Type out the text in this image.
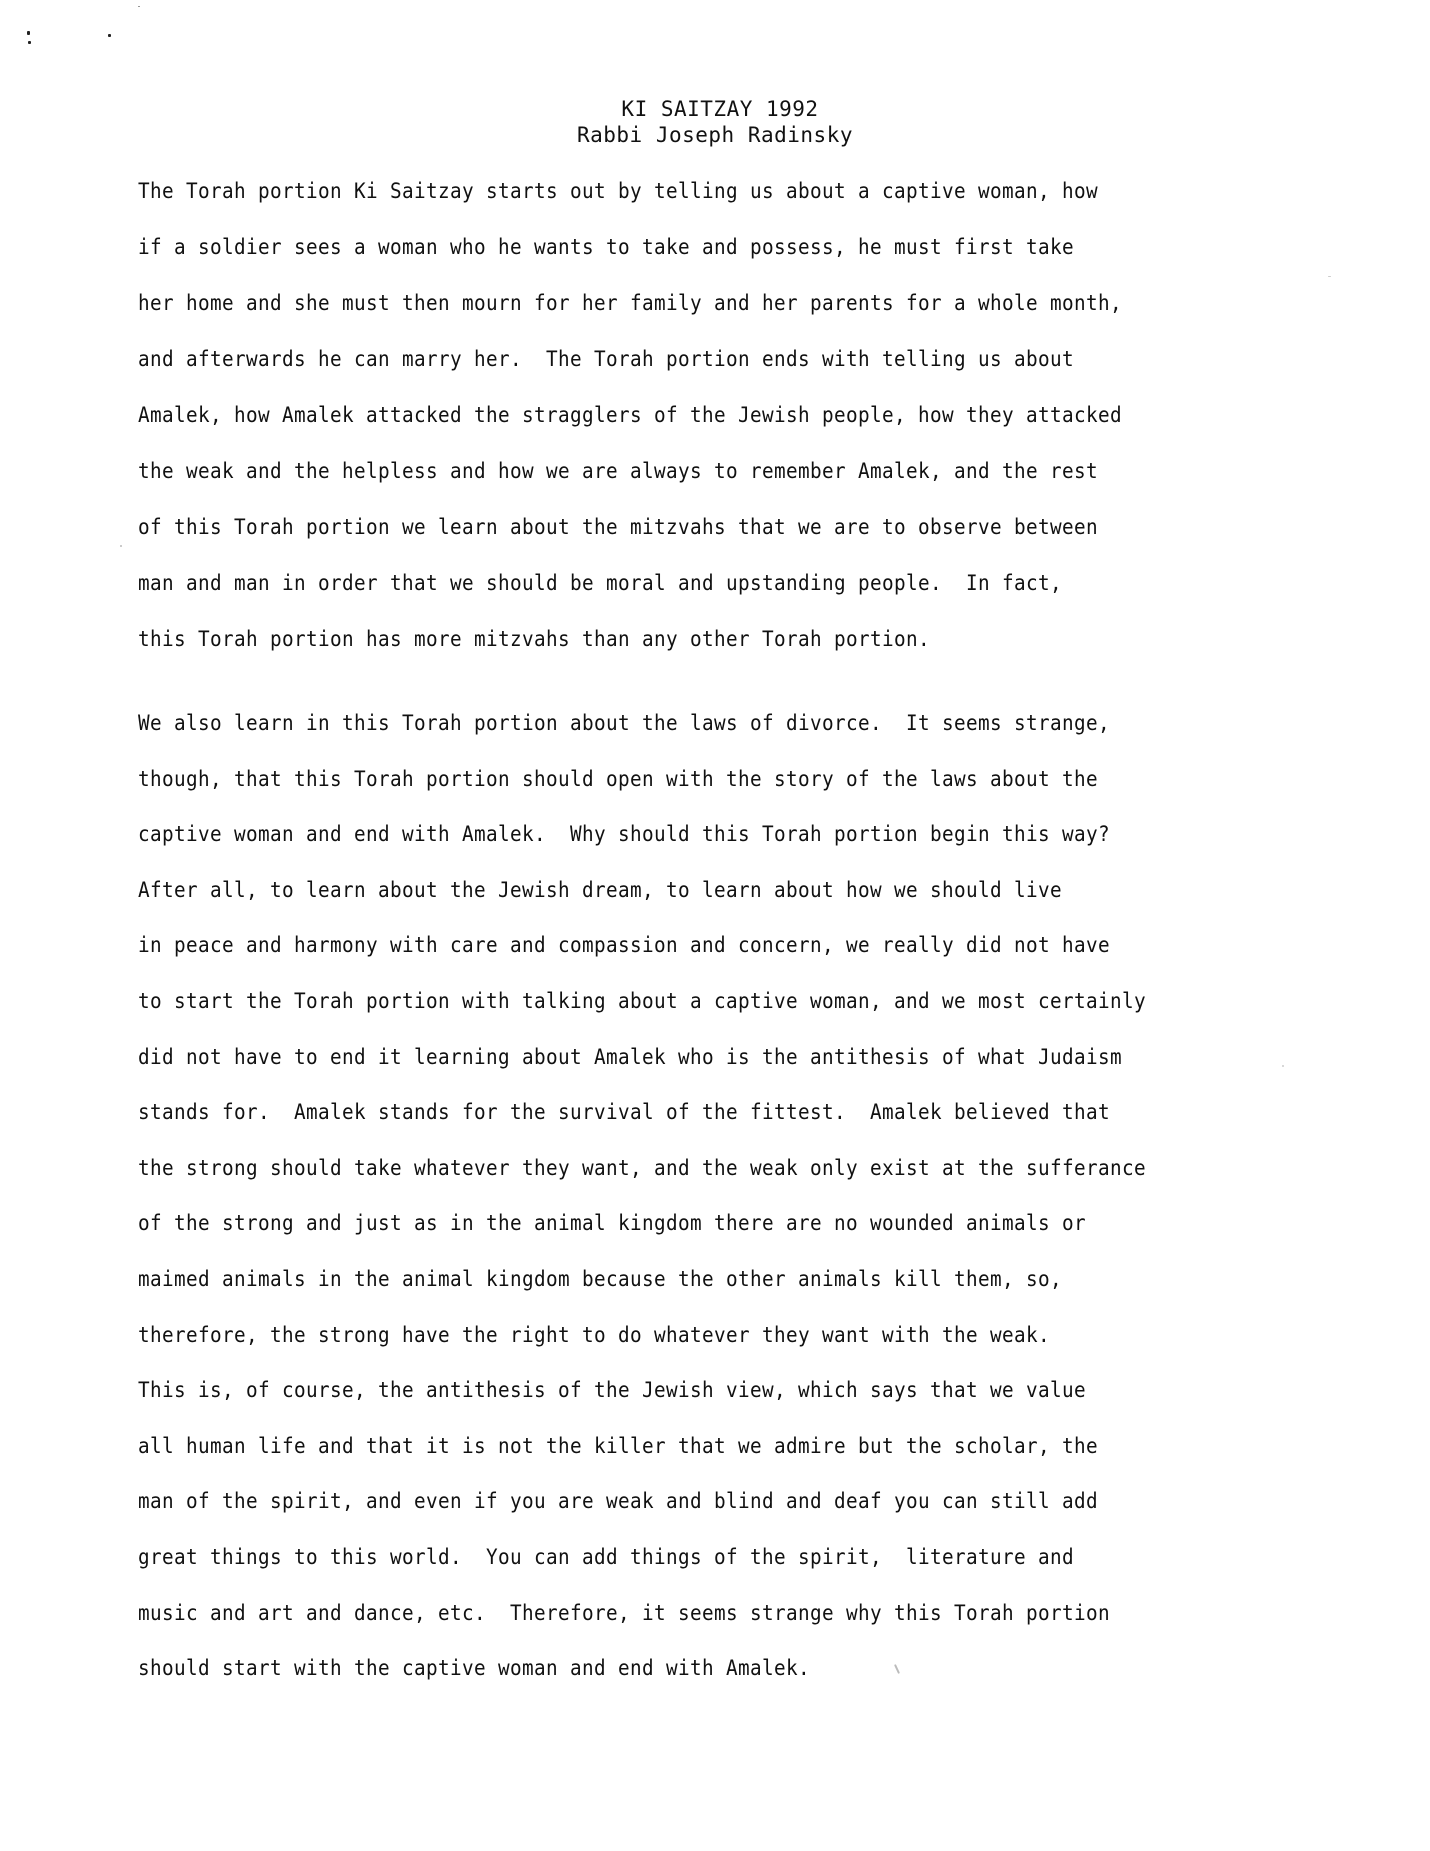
KI SAITZAY 1992
Rabbi Joseph Radinsky
The Torah portion Ki Saitzay starts out by telling us about a captive woman, how
if a soldier sees a woman who he wants to take and possess, he must first take
her home and she must then mourn for her family and her parents for a whole month,
and afterwards he can marry her.  The Torah portion ends with telling us about
Amalek, how Amalek attacked the stragglers of the Jewish people, how they attacked
the weak and the helpless and how we are always to remember Amalek, and the rest
of this Torah portion we learn about the mitzvahs that we are to observe between
man and man in order that we should be moral and upstanding people.  In fact,
this Torah portion has more mitzvahs than any other Torah portion.
We also learn in this Torah portion about the laws of divorce.  It seems strange,
though, that this Torah portion should open with the story of the laws about the
captive woman and end with Amalek.  Why should this Torah portion begin this way?
After all, to learn about the Jewish dream, to learn about how we should live
in peace and harmony with care and compassion and concern, we really did not have
to start the Torah portion with talking about a captive woman, and we most certainly
did not have to end it learning about Amalek who is the antithesis of what Judaism
stands for.  Amalek stands for the survival of the fittest.  Amalek believed that
the strong should take whatever they want, and the weak only exist at the sufferance
of the strong and just as in the animal kingdom there are no wounded animals or
maimed animals in the animal kingdom because the other animals kill them, so,
therefore, the strong have the right to do whatever they want with the weak.
This is, of course, the antithesis of the Jewish view, which says that we value
all human life and that it is not the killer that we admire but the scholar, the
man of the spirit, and even if you are weak and blind and deaf you can still add
great things to this world.  You can add things of the spirit,  literature and
music and art and dance, etc.  Therefore, it seems strange why this Torah portion
should start with the captive woman and end with Amalek.
